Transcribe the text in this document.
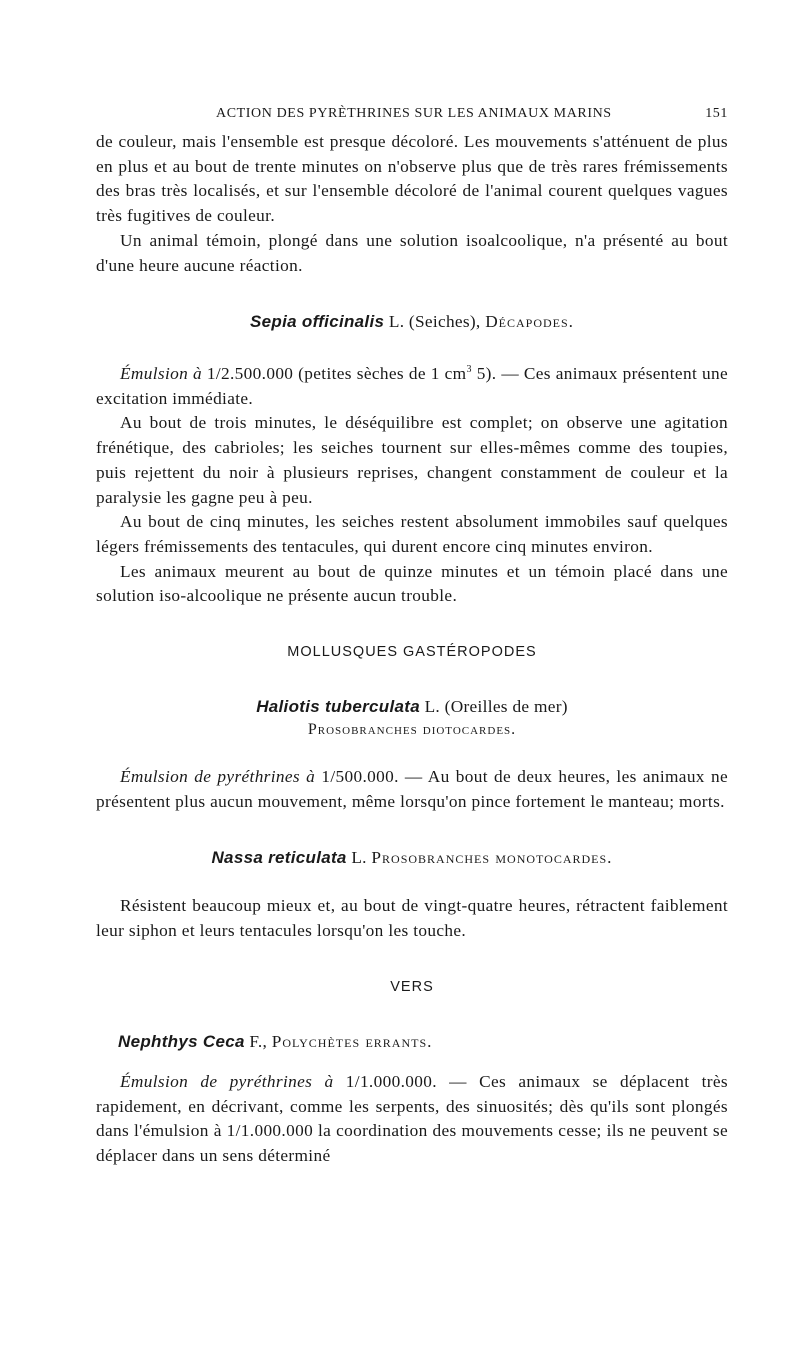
ACTION DES PYRÈTHRINES SUR LES ANIMAUX MARINS	151

de couleur, mais l'ensemble est presque décoloré. Les mouvements s'atténuent de plus en plus et au bout de trente minutes on n'observe plus que de très rares frémissements des bras très localisés, et sur l'ensemble décoloré de l'animal courent quelques vagues très fugitives de couleur.

Un animal témoin, plongé dans une solution isoalcoolique, n'a présenté au bout d'une heure aucune réaction.

Sepia officinalis L. (Seiches), Décapodes.

Émulsion à 1/2.500.000 (petites sèches de 1 $cm^3$ 5). — Ces animaux présentent une excitation immédiate.

Au bout de trois minutes, le déséquilibre est complet; on observe une agitation frénétique, des cabrioles; les seiches tournent sur elles-mêmes comme des toupies, puis rejettent du noir à plusieurs reprises, changent constamment de couleur et la paralysie les gagne peu à peu.

Au bout de cinq minutes, les seiches restent absolument immobiles sauf quelques légers frémissements des tentacules, qui durent encore cinq minutes environ.

Les animaux meurent au bout de quinze minutes et un témoin placé dans une solution iso-alcoolique ne présente aucun trouble.

MOLLUSQUES GASTÉROPODES
Haliotis tuberculata L. (Oreilles de mer)
Prosobranches diotocardes.

Émulsion de pyréthrines à 1/500.000. — Au bout de deux heures, les animaux ne présentent plus aucun mouvement, même lorsqu'on pince fortement le manteau; morts.

Nassa reticulata L. Prosobranches monotocardes.

Résistent beaucoup mieux et, au bout de vingt-quatre heures, rétractent faiblement leur siphon et leurs tentacules lorsqu'on les touche.

VERS
Nephthys Ceca F., Polychètes errants.

Émulsion de pyréthrines à 1/1.000.000. — Ces animaux se déplacent très rapidement, en décrivant, comme les serpents, des sinuosités; dès qu'ils sont plongés dans l'émulsion à 1/1.000.000 la coordination des mouvements cesse; ils ne peuvent se déplacer dans un sens déterminé
